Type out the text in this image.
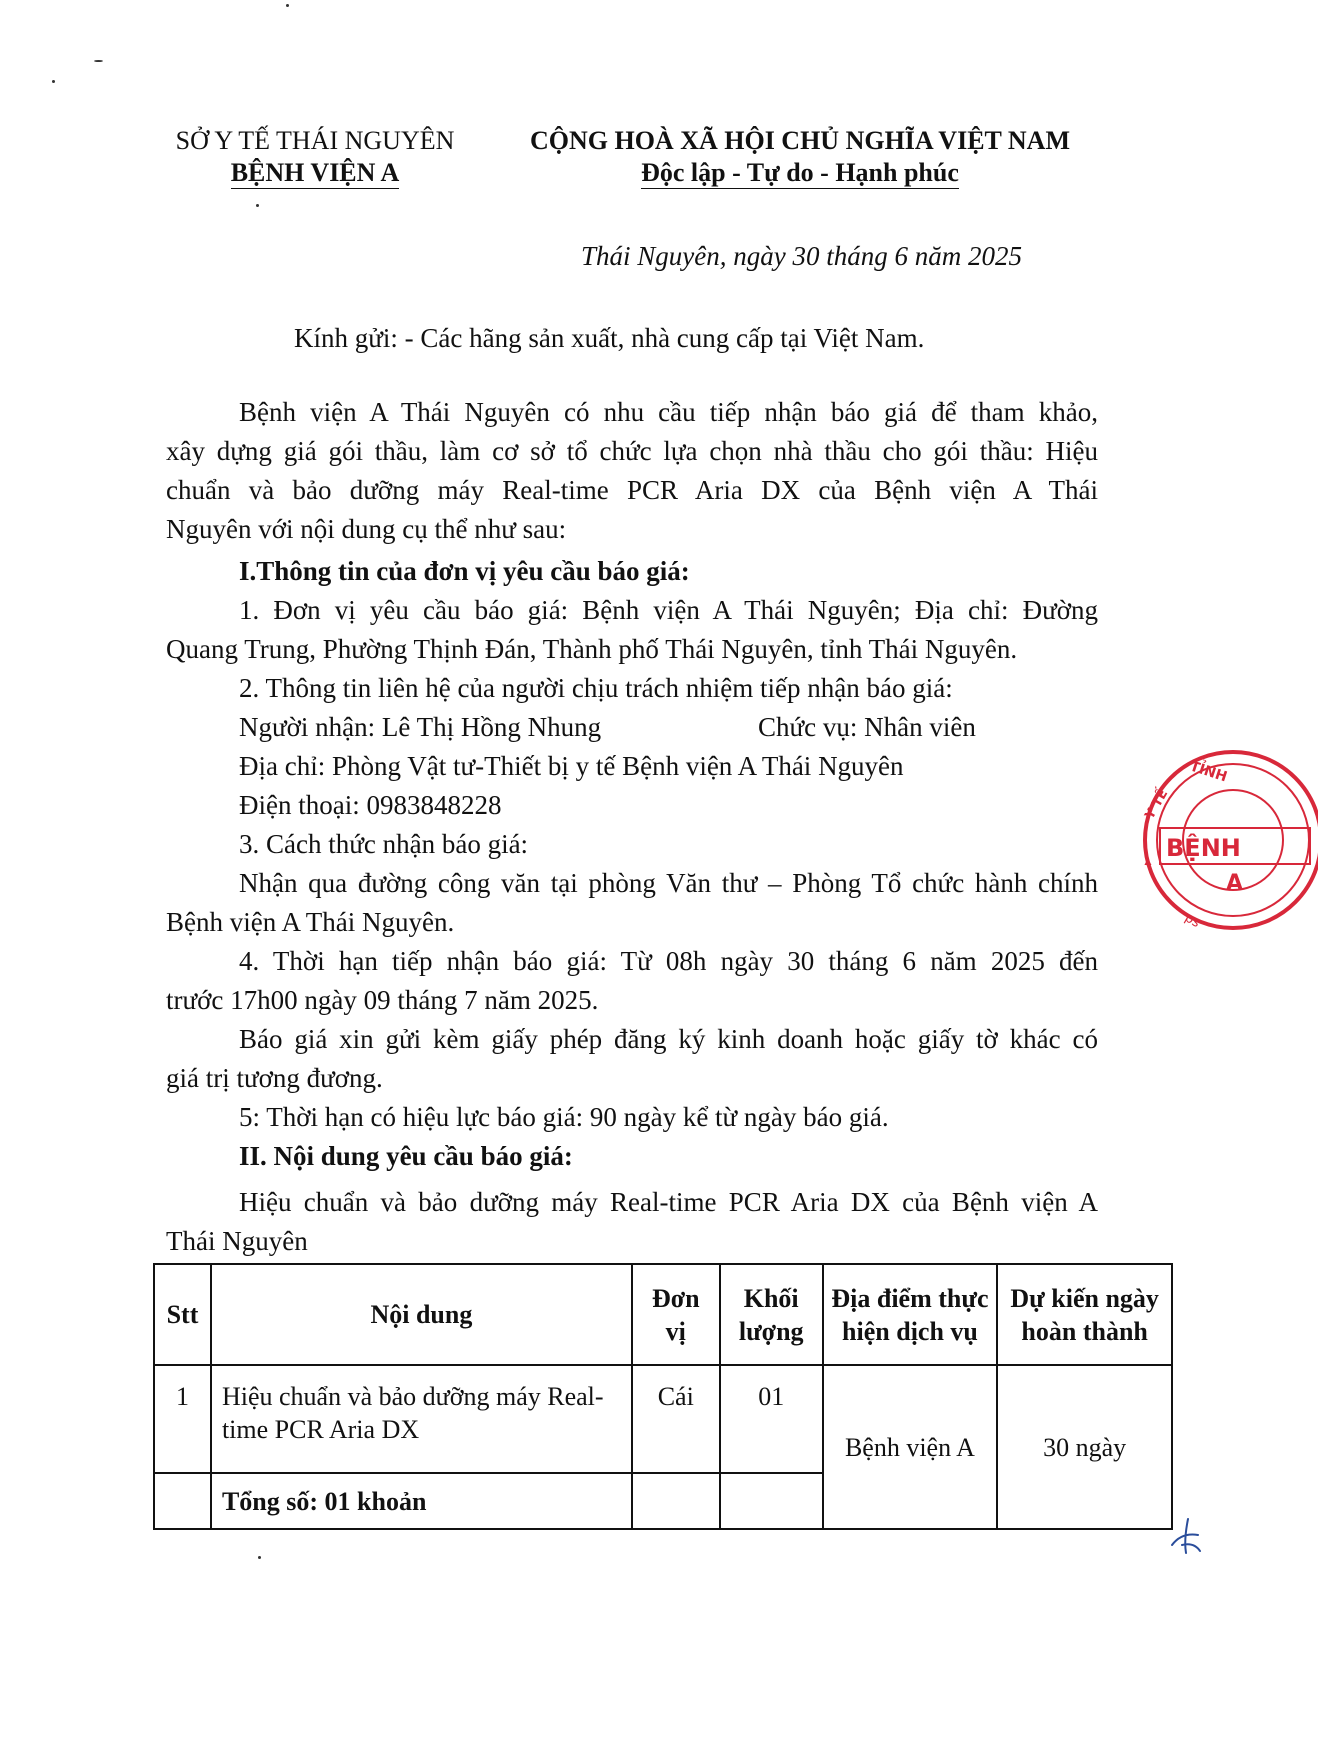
SỞ Y TẾ THÁI NGUYÊN
BỆNH VIỆN A
CỘNG HOÀ XÃ HỘI CHỦ NGHĨA VIỆT NAM
Độc lập - Tự do - Hạnh phúc
Thái Nguyên, ngày 30 tháng 6 năm 2025
Kính gửi: - Các hãng sản xuất, nhà cung cấp tại Việt Nam.
Bệnh viện A Thái Nguyên có nhu cầu tiếp nhận báo giá để tham khảo,
xây dựng giá gói thầu, làm cơ sở tổ chức lựa chọn nhà thầu cho gói thầu: Hiệu
chuẩn và bảo dưỡng máy Real-time PCR Aria DX của Bệnh viện A Thái
Nguyên với nội dung cụ thể như sau:
I.Thông tin của đơn vị yêu cầu báo giá:
1. Đơn vị yêu cầu báo giá: Bệnh viện A Thái Nguyên; Địa chỉ: Đường
Quang Trung, Phường Thịnh Đán, Thành phố Thái Nguyên, tỉnh Thái Nguyên.
2. Thông tin liên hệ của người chịu trách nhiệm tiếp nhận báo giá:
Người nhận: Lê Thị Hồng Nhung	Chức vụ: Nhân viên
Địa chỉ: Phòng Vật tư-Thiết bị y tế Bệnh viện A Thái Nguyên
Điện thoại: 0983848228
3. Cách thức nhận báo giá:
Nhận qua đường công văn tại phòng Văn thư – Phòng Tổ chức hành chính
Bệnh viện A Thái Nguyên.
4. Thời hạn tiếp nhận báo giá: Từ 08h ngày 30 tháng 6 năm 2025 đến
trước 17h00 ngày 09 tháng 7 năm 2025.
Báo giá xin gửi kèm giấy phép đăng ký kinh doanh hoặc giấy tờ khác có
giá trị tương đương.
5: Thời hạn có hiệu lực báo giá: 90 ngày kể từ ngày báo giá.
II. Nội dung yêu cầu báo giá:
Hiệu chuẩn và bảo dưỡng máy Real-time PCR Aria DX của Bệnh viện A
Thái Nguyên
Stt	Nội dung	Đơn vị	Khối lượng	Địa điểm thực hiện dịch vụ	Dự kiến ngày hoàn thành
1	Hiệu chuẩn và bảo dưỡng máy Real-time PCR Aria DX	Cái	01	Bệnh viện A	30 ngày
	Tổng số: 01 khoản				
TỈNH
Y TẾ
BỆNH
A
▲
ps
